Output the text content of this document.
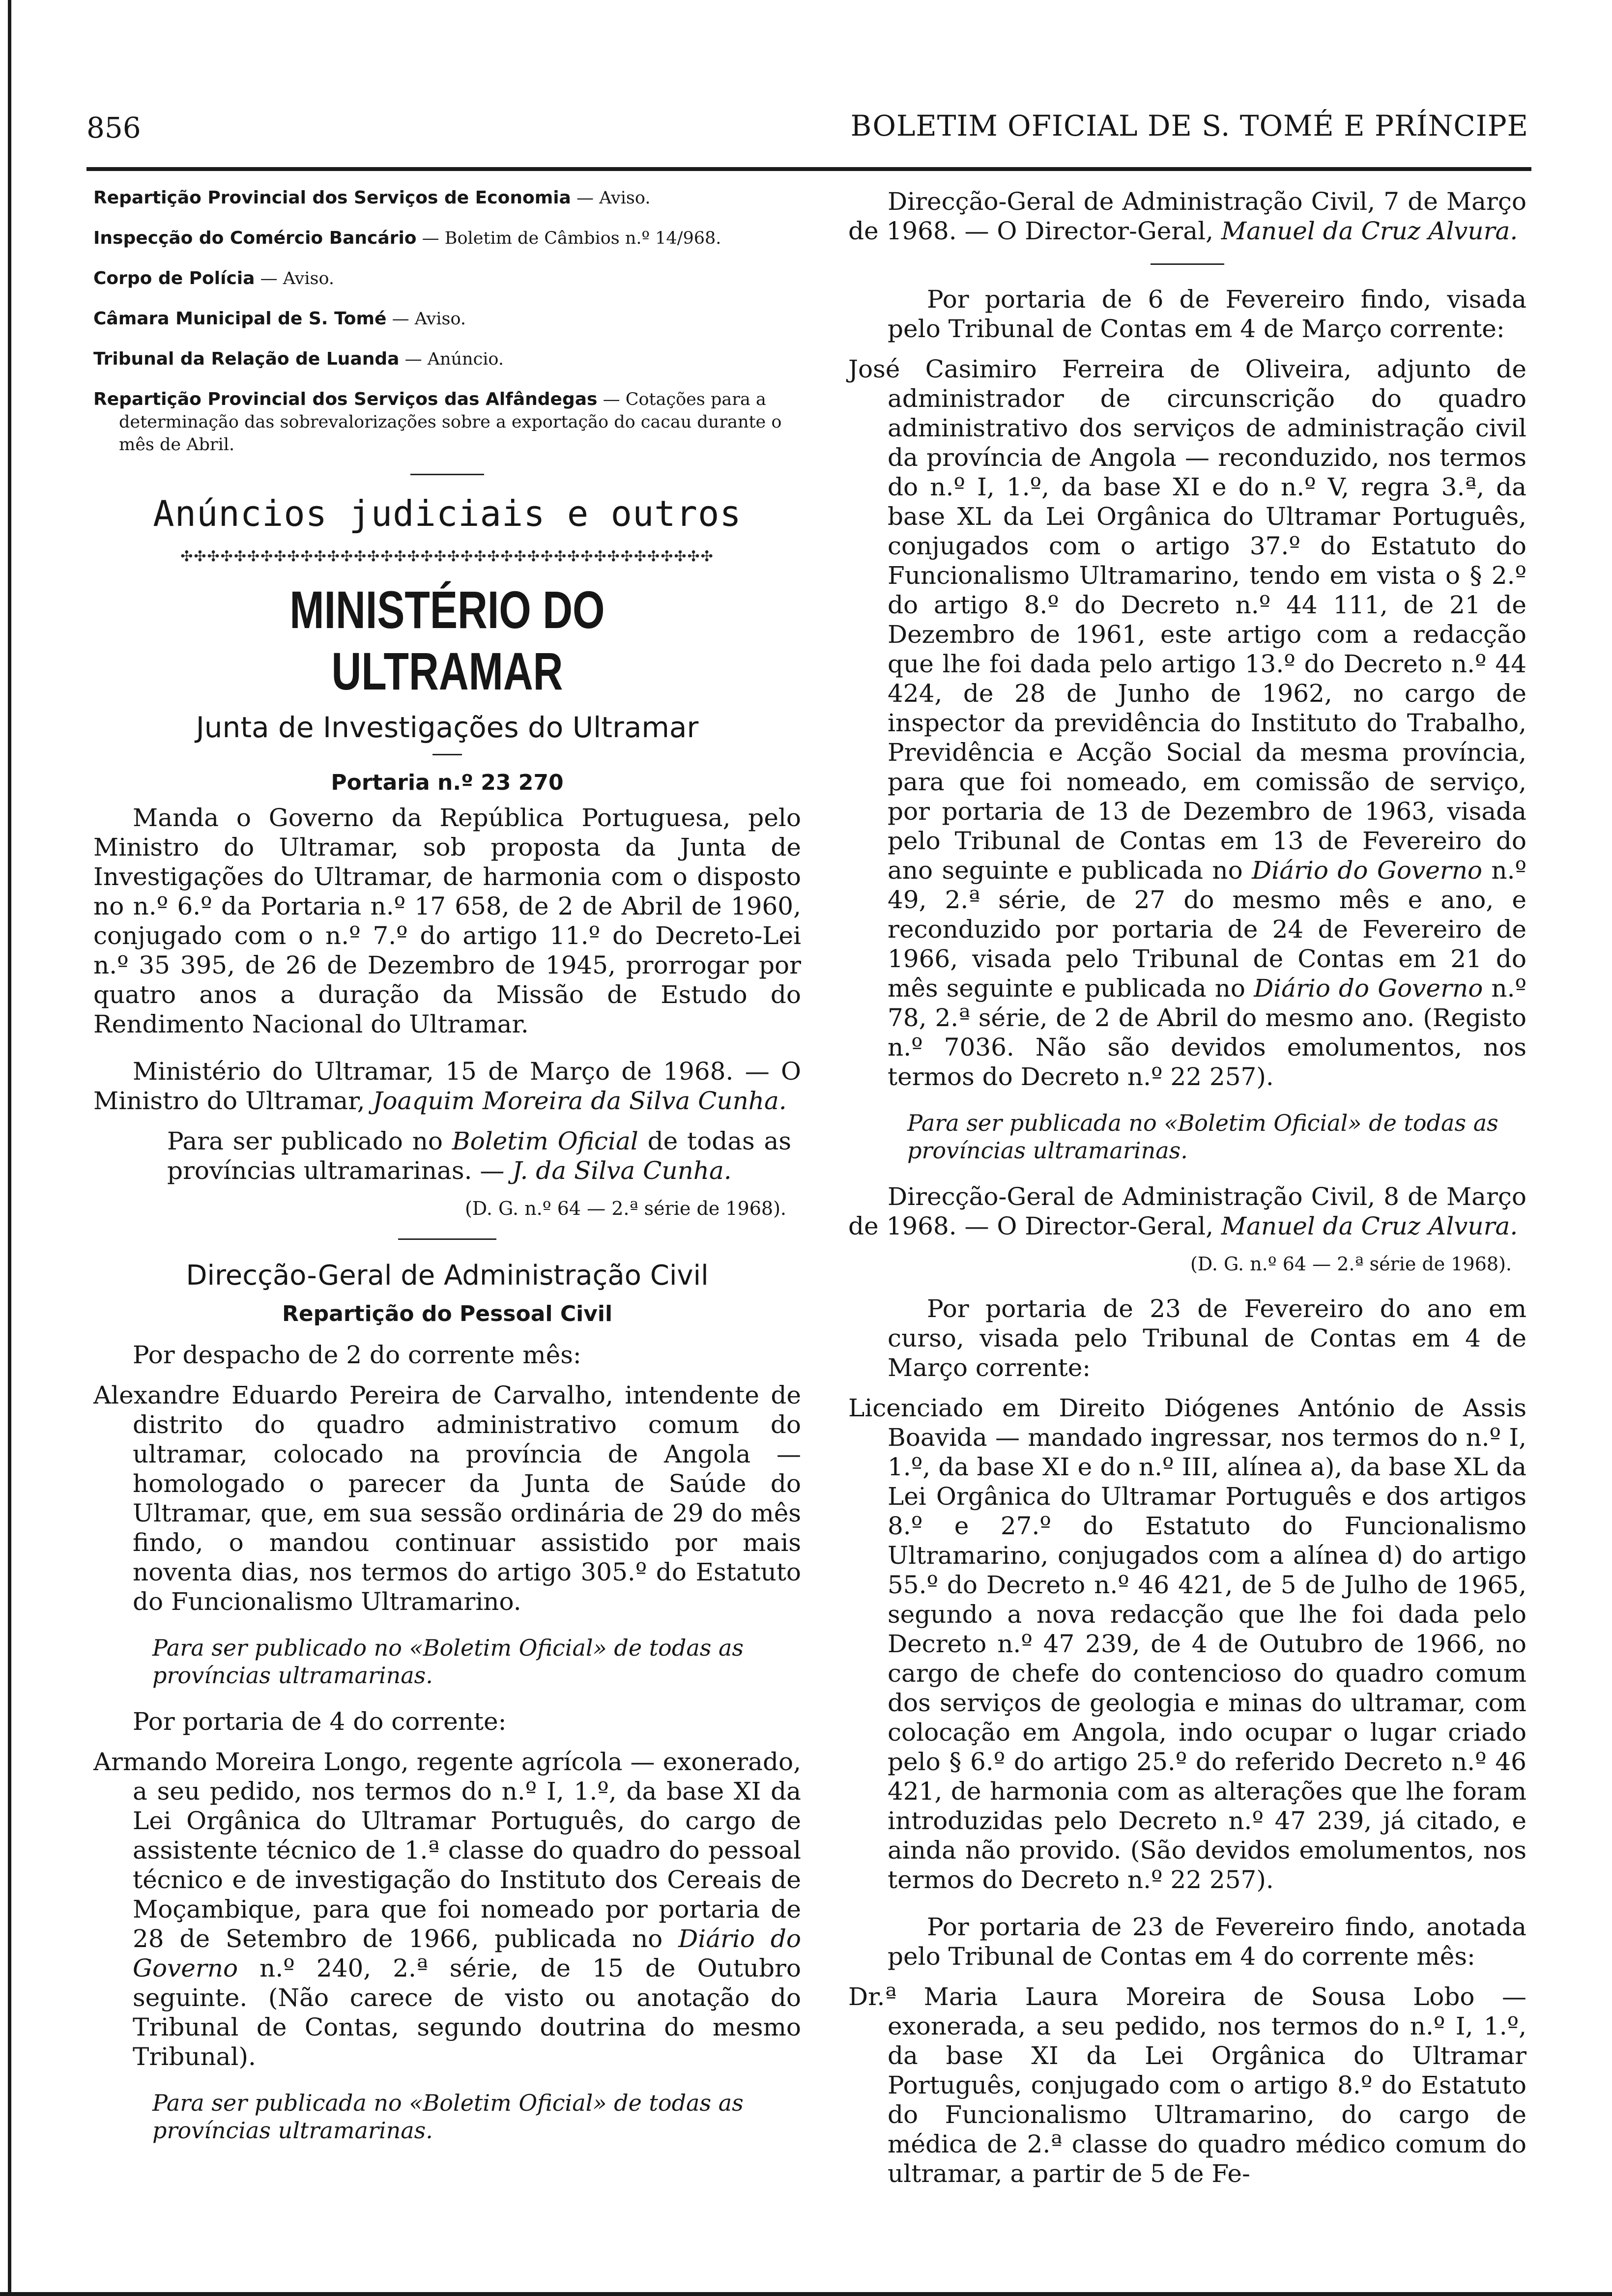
856	BOLETIM OFICIAL DE S. TOMÉ E PRÍNCIPE

Repartição Provincial dos Serviços de Economia — Aviso.

Inspecção do Comércio Bancário — Boletim de Câmbios n.º 14/968.

Corpo de Polícia — Aviso.

Câmara Municipal de S. Tomé — Aviso.

Tribunal da Relação de Luanda — Anúncio.

Repartição Provincial dos Serviços das Alfândegas — Cotações para a determinação das sobrevalorizações sobre a exportação do cacau durante o mês de Abril.

Anúncios judiciais e outros
✣✣✣✣✣✣✣✣✣✣✣✣✣✣✣✣✣✣✣✣✣✣✣✣✣✣✣✣✣✣✣✣✣✣✣✣✣✣✣✣
MINISTÉRIO DO ULTRAMAR
Junta de Investigações do Ultramar
Portaria n.º 23 270

Manda o Governo da República Portuguesa, pelo Ministro do Ultramar, sob proposta da Junta de Investigações do Ultramar, de harmonia com o disposto no n.º 6.º da Portaria n.º 17 658, de 2 de Abril de 1960, conjugado com o n.º 7.º do artigo 11.º do Decreto-Lei n.º 35 395, de 26 de Dezembro de 1945, prorrogar por quatro anos a duração da Missão de Estudo do Rendimento Nacional do Ultramar.

Ministério do Ultramar, 15 de Março de 1968. — O Ministro do Ultramar, Joaquim Moreira da Silva Cunha.

Para ser publicado no Boletim Oficial de todas as províncias ultramarinas. — J. da Silva Cunha.

(D. G. n.º 64 — 2.ª série de 1968).

Direcção-Geral de Administração Civil
Repartição do Pessoal Civil

Por despacho de 2 do corrente mês:

Alexandre Eduardo Pereira de Carvalho, intendente de distrito do quadro administrativo comum do ultramar, colocado na província de Angola — homologado o parecer da Junta de Saúde do Ultramar, que, em sua sessão ordinária de 29 do mês findo, o mandou continuar assistido por mais noventa dias, nos termos do artigo 305.º do Estatuto do Funcionalismo Ultramarino.

Para ser publicado no «Boletim Oficial» de todas as províncias ultramarinas.

Por portaria de 4 do corrente:

Armando Moreira Longo, regente agrícola — exonerado, a seu pedido, nos termos do n.º I, 1.º, da base XI da Lei Orgânica do Ultramar Português, do cargo de assistente técnico de 1.ª classe do quadro do pessoal técnico e de investigação do Instituto dos Cereais de Moçambique, para que foi nomeado por portaria de 28 de Setembro de 1966, publicada no Diário do Governo n.º 240, 2.ª série, de 15 de Outubro seguinte. (Não carece de visto ou anotação do Tribunal de Contas, segundo doutrina do mesmo Tribunal).

Para ser publicada no «Boletim Oficial» de todas as províncias ultramarinas.

Direcção-Geral de Administração Civil, 7 de Março de 1968. — O Director-Geral, Manuel da Cruz Alvura.

Por portaria de 6 de Fevereiro findo, visada pelo Tribunal de Contas em 4 de Março corrente:

José Casimiro Ferreira de Oliveira, adjunto de administrador de circunscrição do quadro administrativo dos serviços de administração civil da província de Angola — reconduzido, nos termos do n.º I, 1.º, da base XI e do n.º V, regra 3.ª, da base XL da Lei Orgânica do Ultramar Português, conjugados com o artigo 37.º do Estatuto do Funcionalismo Ultramarino, tendo em vista o § 2.º do artigo 8.º do Decreto n.º 44 111, de 21 de Dezembro de 1961, este artigo com a redacção que lhe foi dada pelo artigo 13.º do Decreto n.º 44 424, de 28 de Junho de 1962, no cargo de inspector da previdência do Instituto do Trabalho, Previdência e Acção Social da mesma província, para que foi nomeado, em comissão de serviço, por portaria de 13 de Dezembro de 1963, visada pelo Tribunal de Contas em 13 de Fevereiro do ano seguinte e publicada no Diário do Governo n.º 49, 2.ª série, de 27 do mesmo mês e ano, e reconduzido por portaria de 24 de Fevereiro de 1966, visada pelo Tribunal de Contas em 21 do mês seguinte e publicada no Diário do Governo n.º 78, 2.ª série, de 2 de Abril do mesmo ano. (Registo n.º 7036. Não são devidos emolumentos, nos termos do Decreto n.º 22 257).

Para ser publicada no «Boletim Oficial» de todas as províncias ultramarinas.

Direcção-Geral de Administração Civil, 8 de Março de 1968. — O Director-Geral, Manuel da Cruz Alvura.

(D. G. n.º 64 — 2.ª série de 1968).

Por portaria de 23 de Fevereiro do ano em curso, visada pelo Tribunal de Contas em 4 de Março corrente:

Licenciado em Direito Diógenes António de Assis Boavida — mandado ingressar, nos termos do n.º I, 1.º, da base XI e do n.º III, alínea a), da base XL da Lei Orgânica do Ultramar Português e dos artigos 8.º e 27.º do Estatuto do Funcionalismo Ultramarino, conjugados com a alínea d) do artigo 55.º do Decreto n.º 46 421, de 5 de Julho de 1965, segundo a nova redacção que lhe foi dada pelo Decreto n.º 47 239, de 4 de Outubro de 1966, no cargo de chefe do contencioso do quadro comum dos serviços de geologia e minas do ultramar, com colocação em Angola, indo ocupar o lugar criado pelo § 6.º do artigo 25.º do referido Decreto n.º 46 421, de harmonia com as alterações que lhe foram introduzidas pelo Decreto n.º 47 239, já citado, e ainda não provido. (São devidos emolumentos, nos termos do Decreto n.º 22 257).

Por portaria de 23 de Fevereiro findo, anotada pelo Tribunal de Contas em 4 do corrente mês:

Dr.ª Maria Laura Moreira de Sousa Lobo — exonerada, a seu pedido, nos termos do n.º I, 1.º, da base XI da Lei Orgânica do Ultramar Português, conjugado com o artigo 8.º do Estatuto do Funcionalismo Ultramarino, do cargo de médica de 2.ª classe do quadro médico comum do ultramar, a partir de 5 de Fe-
